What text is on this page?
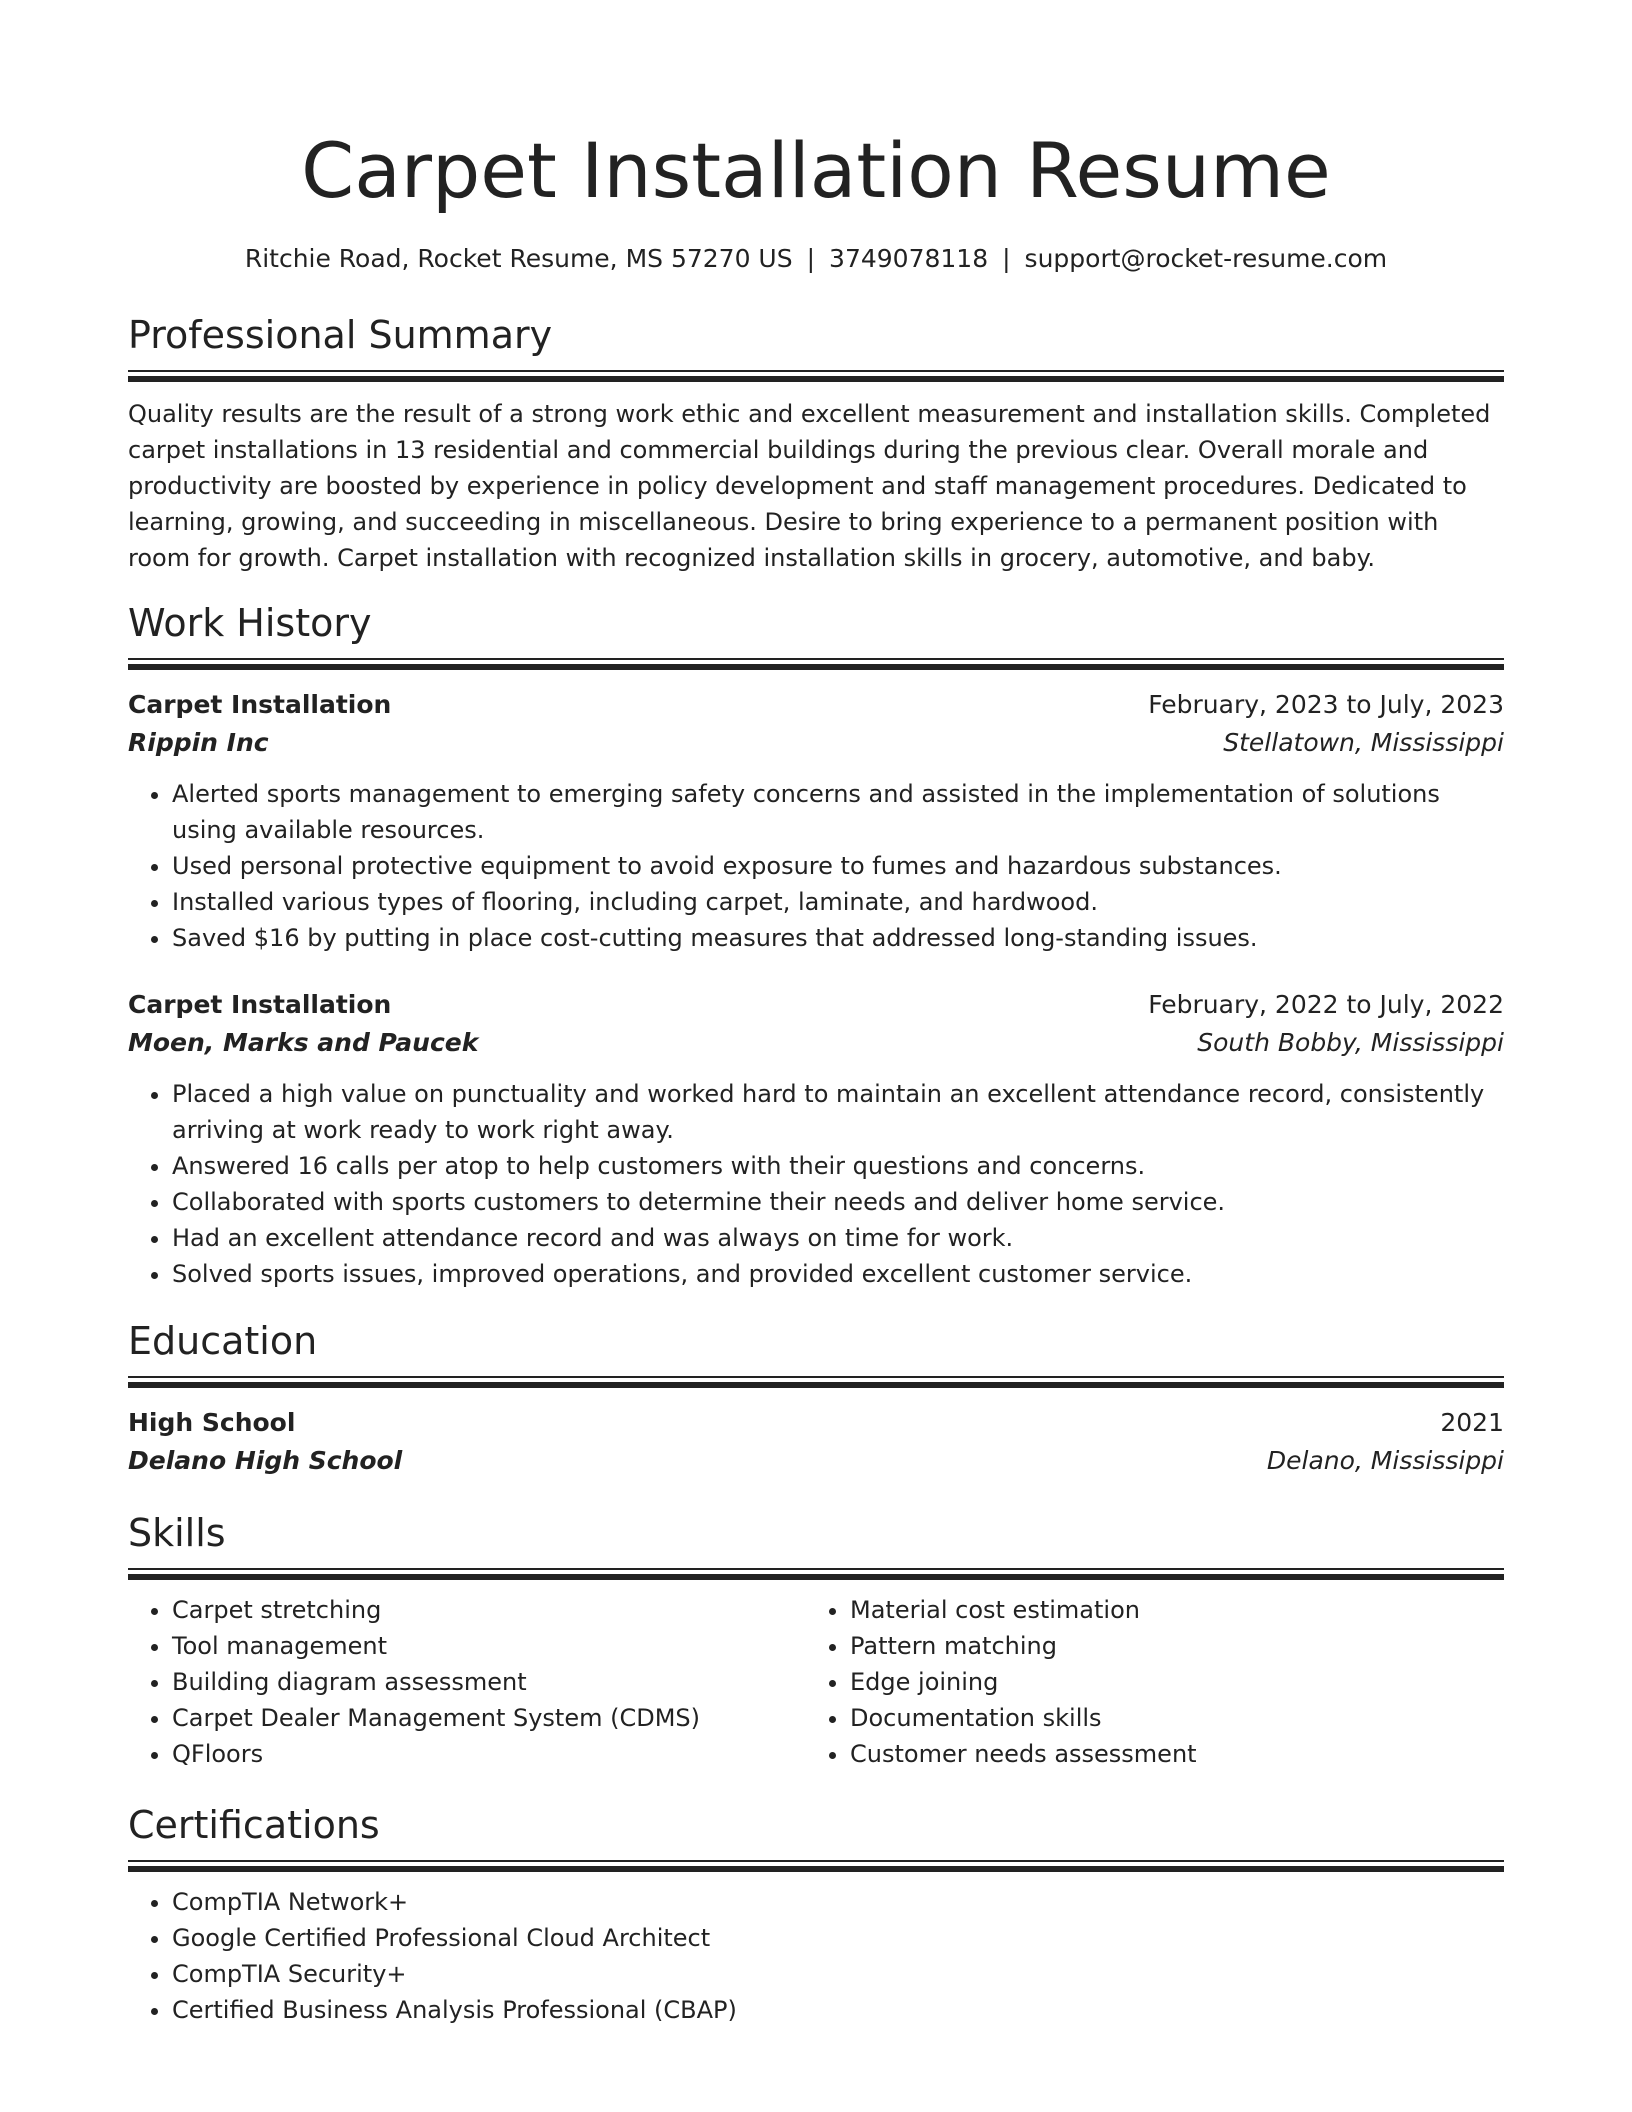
Carpet Installation Resume
Ritchie Road, Rocket Resume, MS 57270 US | 3749078118 | support@rocket-resume.com
Professional Summary

Quality results are the result of a strong work ethic and excellent measurement and installation skills. Completed carpet installations in 13 residential and commercial buildings during the previous clear. Overall morale and productivity are boosted by experience in policy development and staff management procedures. Dedicated to learning, growing, and succeeding in miscellaneous. Desire to bring experience to a permanent position with room for growth. Carpet installation with recognized installation skills in grocery, automotive, and baby.

Work History
Carpet Installation	February, 2023 to July, 2023
Rippin Inc	Stellatown, Mississippi
• Alerted sports management to emerging safety concerns and assisted in the implementation of solutions using available resources.
• Used personal protective equipment to avoid exposure to fumes and hazardous substances.
• Installed various types of flooring, including carpet, laminate, and hardwood.
• Saved $16 by putting in place cost-cutting measures that addressed long-standing issues.
Carpet Installation	February, 2022 to July, 2022
Moen, Marks and Paucek	South Bobby, Mississippi
• Placed a high value on punctuality and worked hard to maintain an excellent attendance record, consistently arriving at work ready to work right away.
• Answered 16 calls per atop to help customers with their questions and concerns.
• Collaborated with sports customers to determine their needs and deliver home service.
• Had an excellent attendance record and was always on time for work.
• Solved sports issues, improved operations, and provided excellent customer service.
Education
High School	2021
Delano High School	Delano, Mississippi
Skills
• Carpet stretching
• Tool management
• Building diagram assessment
• Carpet Dealer Management System (CDMS)
• QFloors
• Material cost estimation
• Pattern matching
• Edge joining
• Documentation skills
• Customer needs assessment
Certifications
• CompTIA Network+
• Google Certified Professional Cloud Architect
• CompTIA Security+
• Certified Business Analysis Professional (CBAP)
